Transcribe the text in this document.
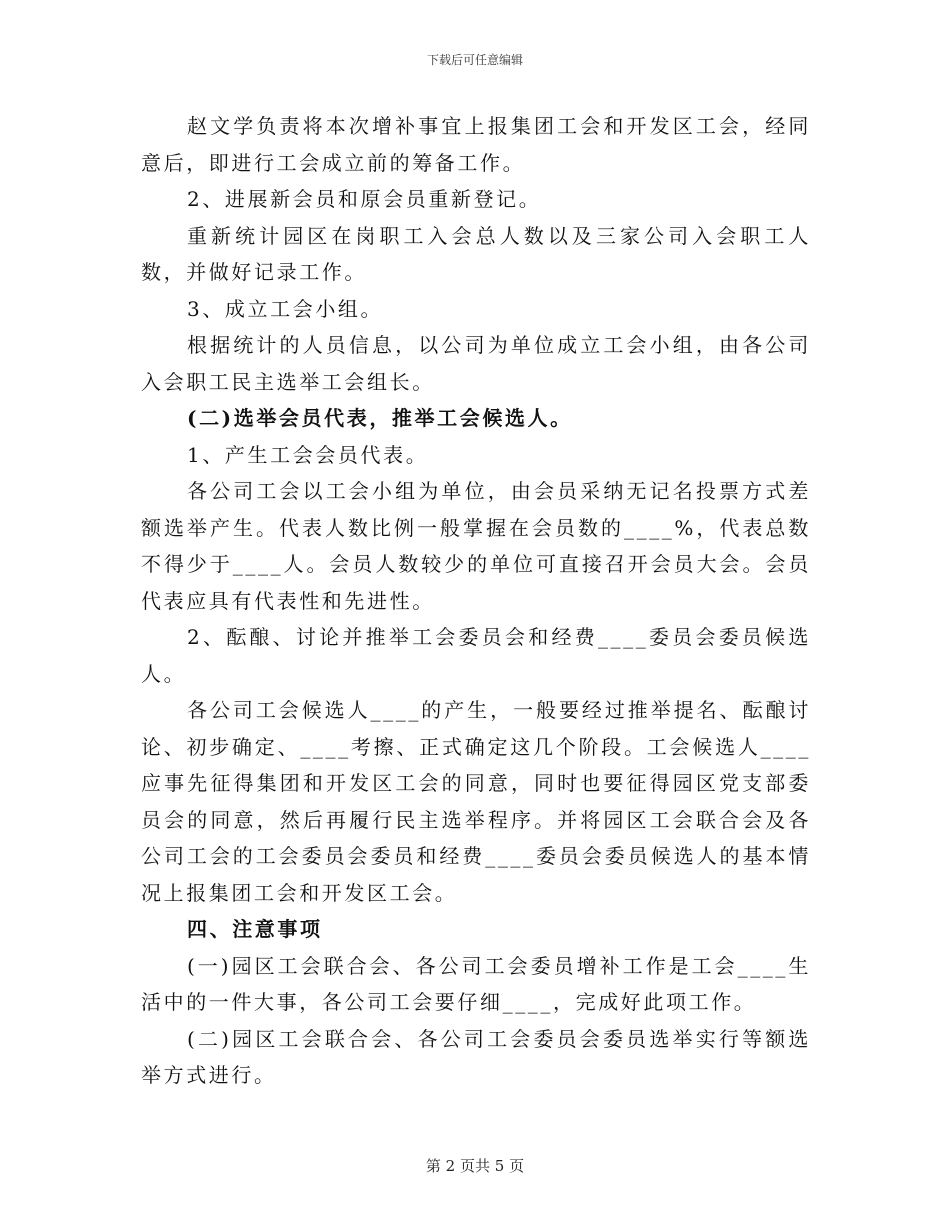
下载后可任意编辑

赵文学负责将本次增补事宜上报集团工会和开发区工会，经同意后，即进行工会成立前的筹备工作。

2、进展新会员和原会员重新登记。

重新统计园区在岗职工入会总人数以及三家公司入会职工人数，并做好记录工作。

3、成立工会小组。

根据统计的人员信息，以公司为单位成立工会小组，由各公司入会职工民主选举工会组长。

(二)选举会员代表，推举工会候选人。

1、产生工会会员代表。

各公司工会以工会小组为单位，由会员采纳无记名投票方式差额选举产生。代表人数比例一般掌握在会员数的____%，代表总数不得少于____人。会员人数较少的单位可直接召开会员大会。会员代表应具有代表性和先进性。

2、酝酿、讨论并推举工会委员会和经费____委员会委员候选人。

各公司工会候选人____的产生，一般要经过推举提名、酝酿讨论、初步确定、____考擦、正式确定这几个阶段。工会候选人____应事先征得集团和开发区工会的同意，同时也要征得园区党支部委员会的同意，然后再履行民主选举程序。并将园区工会联合会及各公司工会的工会委员会委员和经费____委员会委员候选人的基本情况上报集团工会和开发区工会。

四、注意事项

(一)园区工会联合会、各公司工会委员增补工作是工会____生活中的一件大事，各公司工会要仔细____，完成好此项工作。

(二)园区工会联合会、各公司工会委员会委员选举实行等额选举方式进行。

第 2 页共 5 页
